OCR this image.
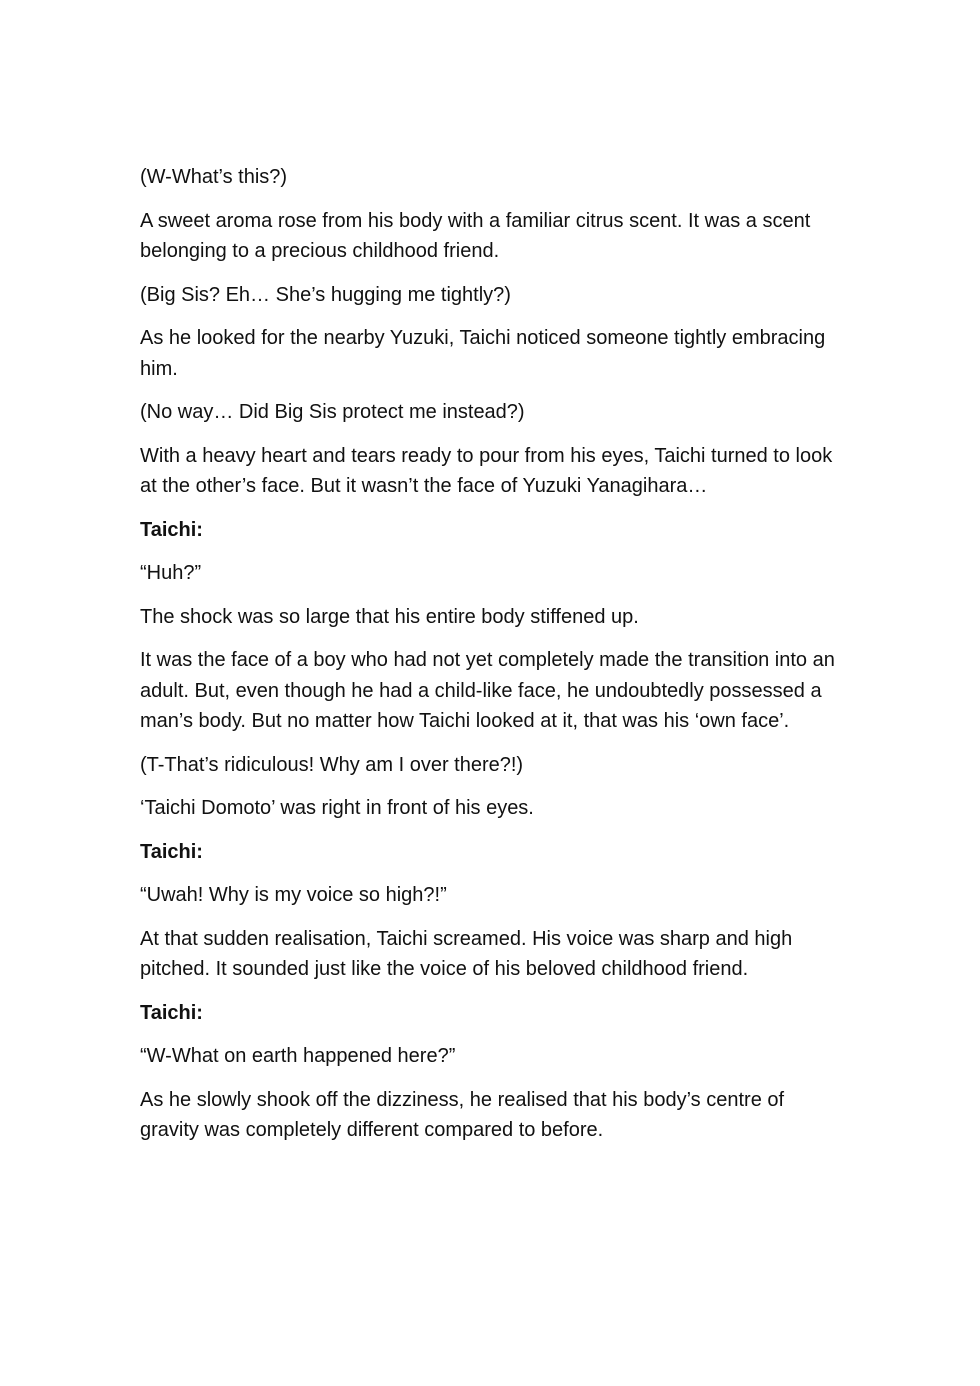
(W-What’s this?)

A sweet aroma rose from his body with a familiar citrus scent. It was a scent belonging to a precious childhood friend.

(Big Sis? Eh… She’s hugging me tightly?)

As he looked for the nearby Yuzuki, Taichi noticed someone tightly embracing him.

(No way… Did Big Sis protect me instead?)

With a heavy heart and tears ready to pour from his eyes, Taichi turned to look at the other’s face. But it wasn’t the face of Yuzuki Yanagihara…

Taichi:

“Huh?”

The shock was so large that his entire body stiffened up.

It was the face of a boy who had not yet completely made the transition into an adult. But, even though he had a child-like face, he undoubtedly possessed a man’s body. But no matter how Taichi looked at it, that was his ‘own face’.

(T-That’s ridiculous! Why am I over there?!)

‘Taichi Domoto’ was right in front of his eyes.

Taichi:

“Uwah! Why is my voice so high?!”

At that sudden realisation, Taichi screamed. His voice was sharp and high pitched. It sounded just like the voice of his beloved childhood friend.

Taichi:

“W-What on earth happened here?”

As he slowly shook off the dizziness, he realised that his body’s centre of gravity was completely different compared to before.
